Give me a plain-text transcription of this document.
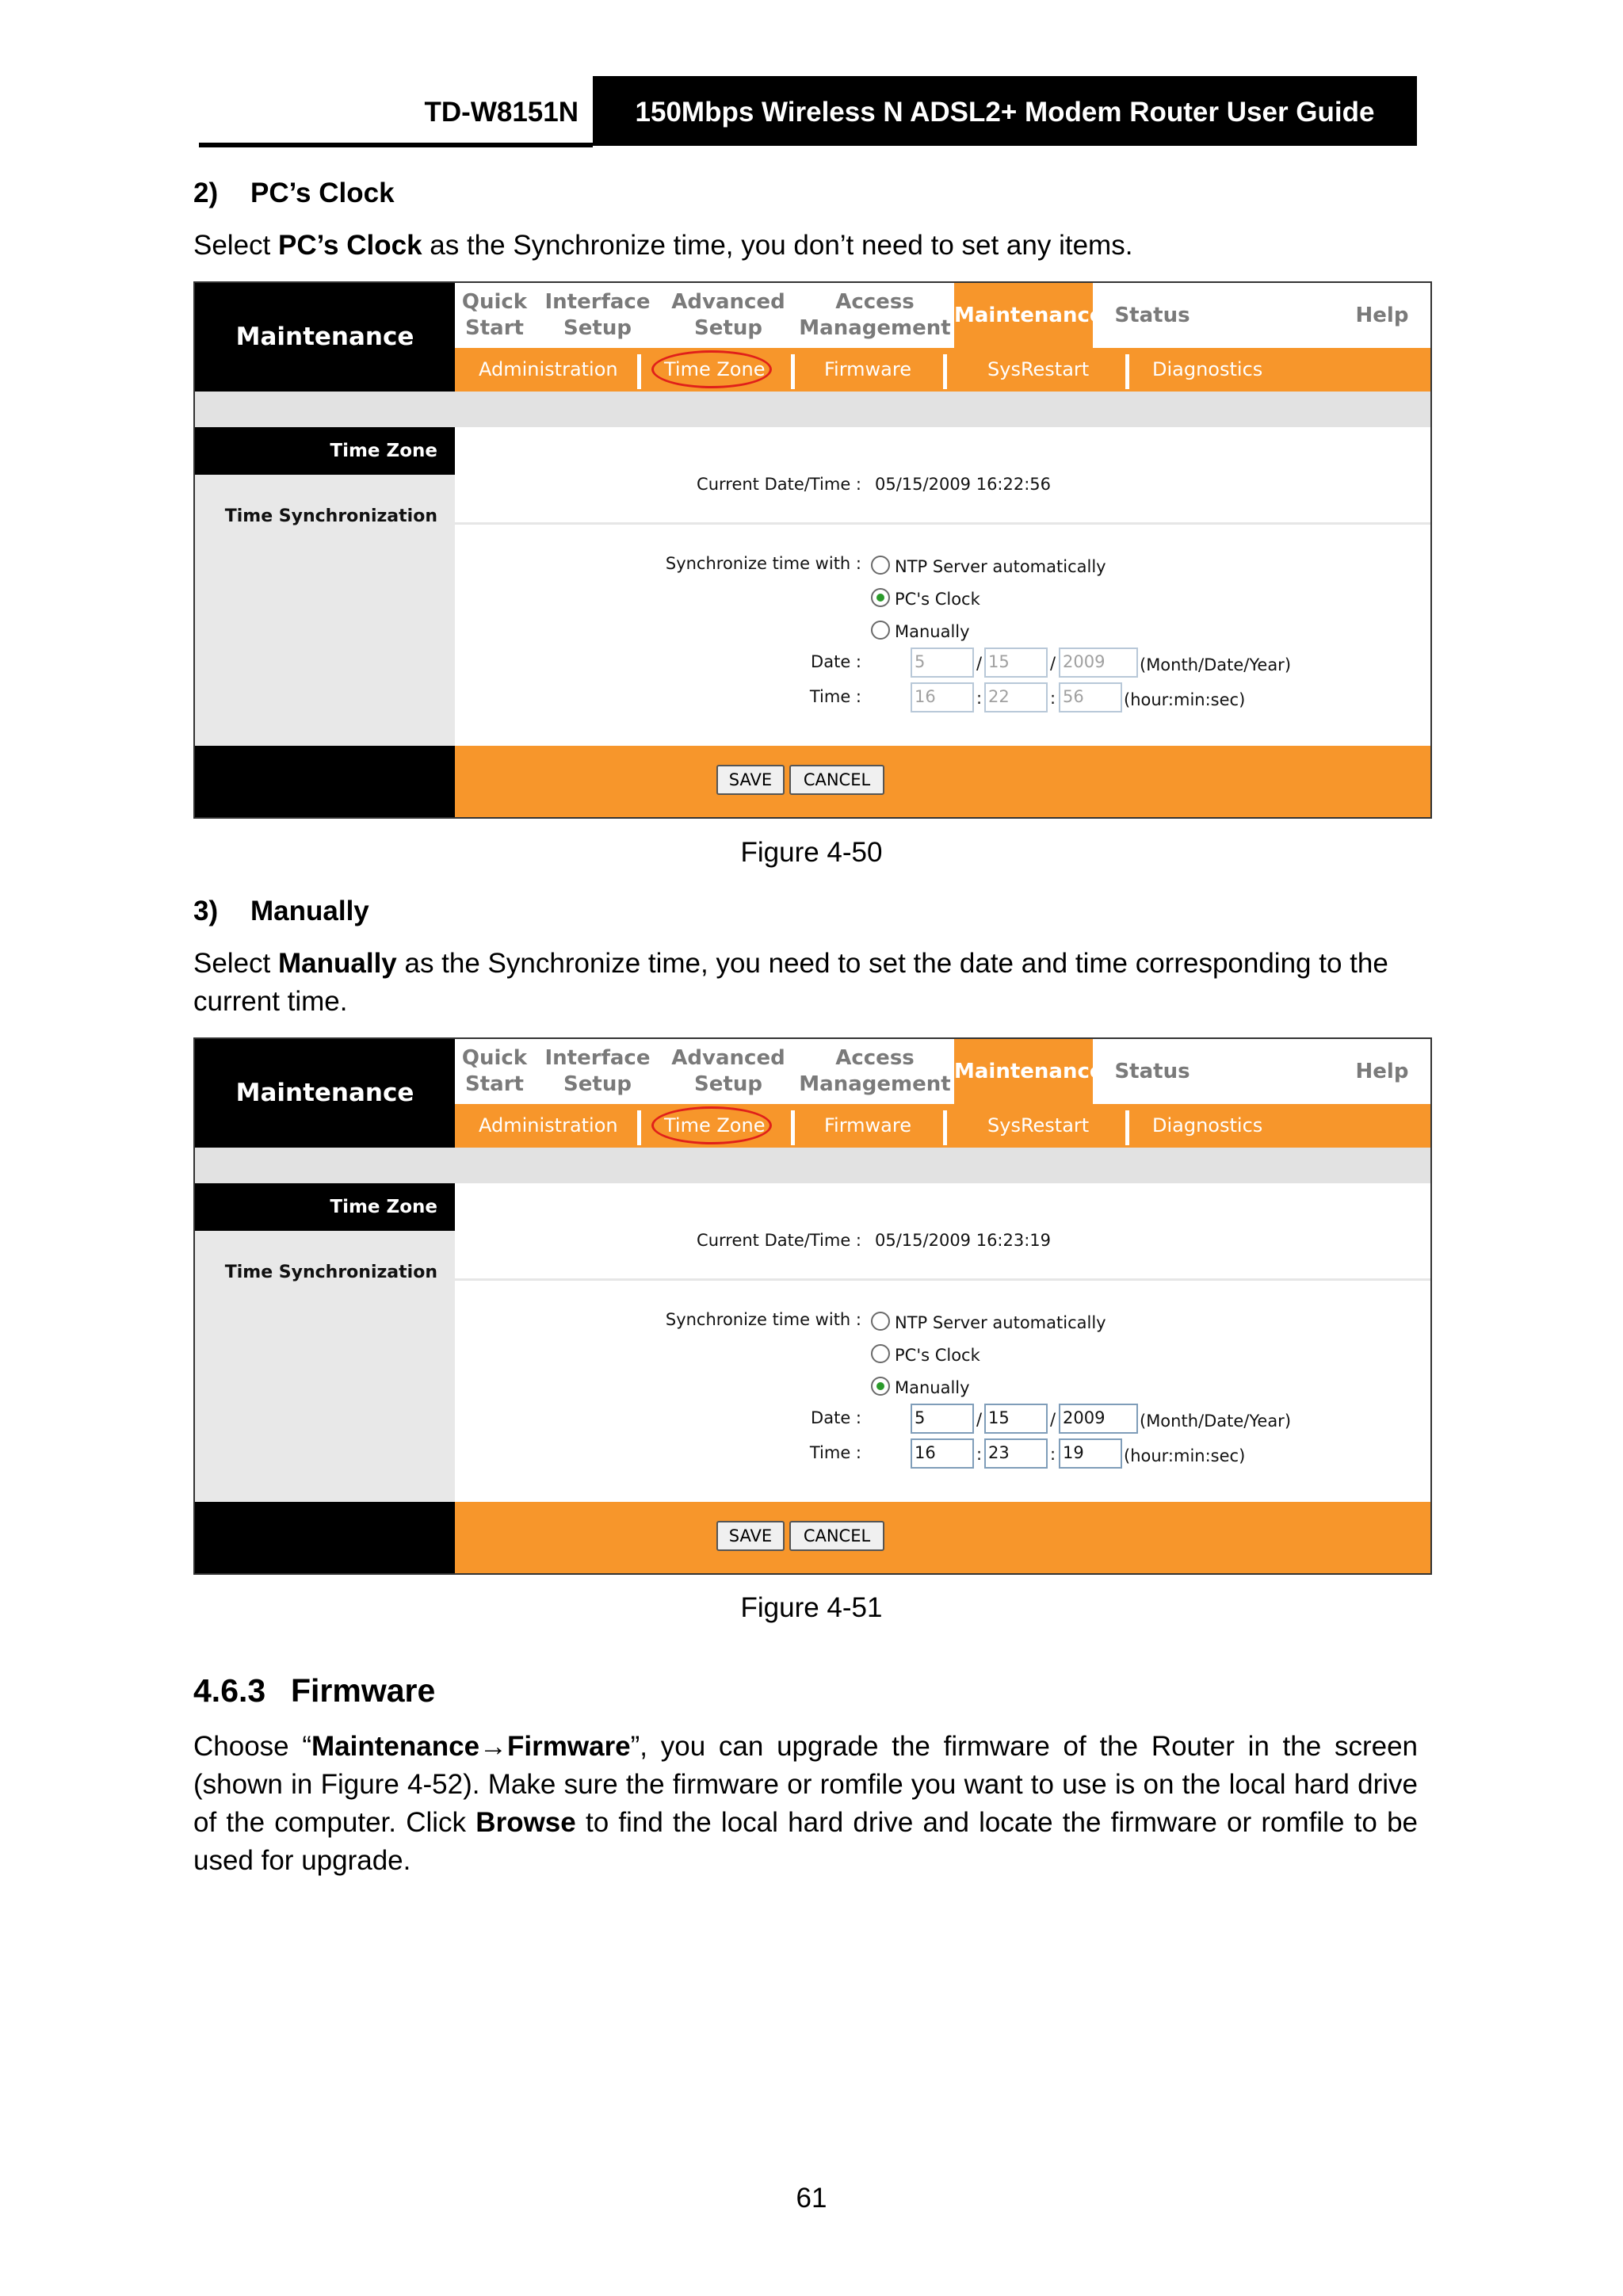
TD-W8151N	150Mbps Wireless N ADSL2+ Modem Router User Guide
2) PC’s Clock
Select PC’s Clock as the Synchronize time, you don’t need to set any items.
Maintenance
Quick
Start
Interface
Setup
Advanced
Setup
Access
Management
Help
Maintenance Status
Administration Time Zone	Firmware	SysRestart	Diagnostics
Time Zone
Time Synchronization
Current Date/Time : 05/15/2009 16:22:56
Synchronize time with : NTP Server automatically
PC's Clock
Manually
Date :	5	/ 15	/ 2009	(Month/Date/Year)
Time :	16	: 22	: 56	(hour:min:sec)
SAVE	CANCEL
Figure 4-50
3) Manually
Select Manually as the Synchronize time, you need to set the date and time corresponding to the current time.
Maintenance
Quick
Start
Interface
Setup
Advanced
Setup
Access
Management
Help
Maintenance Status
Administration Time Zone	Firmware	SysRestart	Diagnostics
Time Zone
Time Synchronization
Current Date/Time : 05/15/2009 16:23:19
Synchronize time with : NTP Server automatically
PC's Clock
Manually
Date :	5	/ 15	/ 2009	(Month/Date/Year)
Time :	16	: 23	: 19	(hour:min:sec)
SAVE	CANCEL
Figure 4-51
4.6.3 Firmware
Choose “Maintenance→Firmware”, you can upgrade the firmware of the Router in the screen (shown in Figure 4-52). Make sure the firmware or romfile you want to use is on the local hard drive of the computer. Click Browse to find the local hard drive and locate the firmware or romfile to be used for upgrade.
61
